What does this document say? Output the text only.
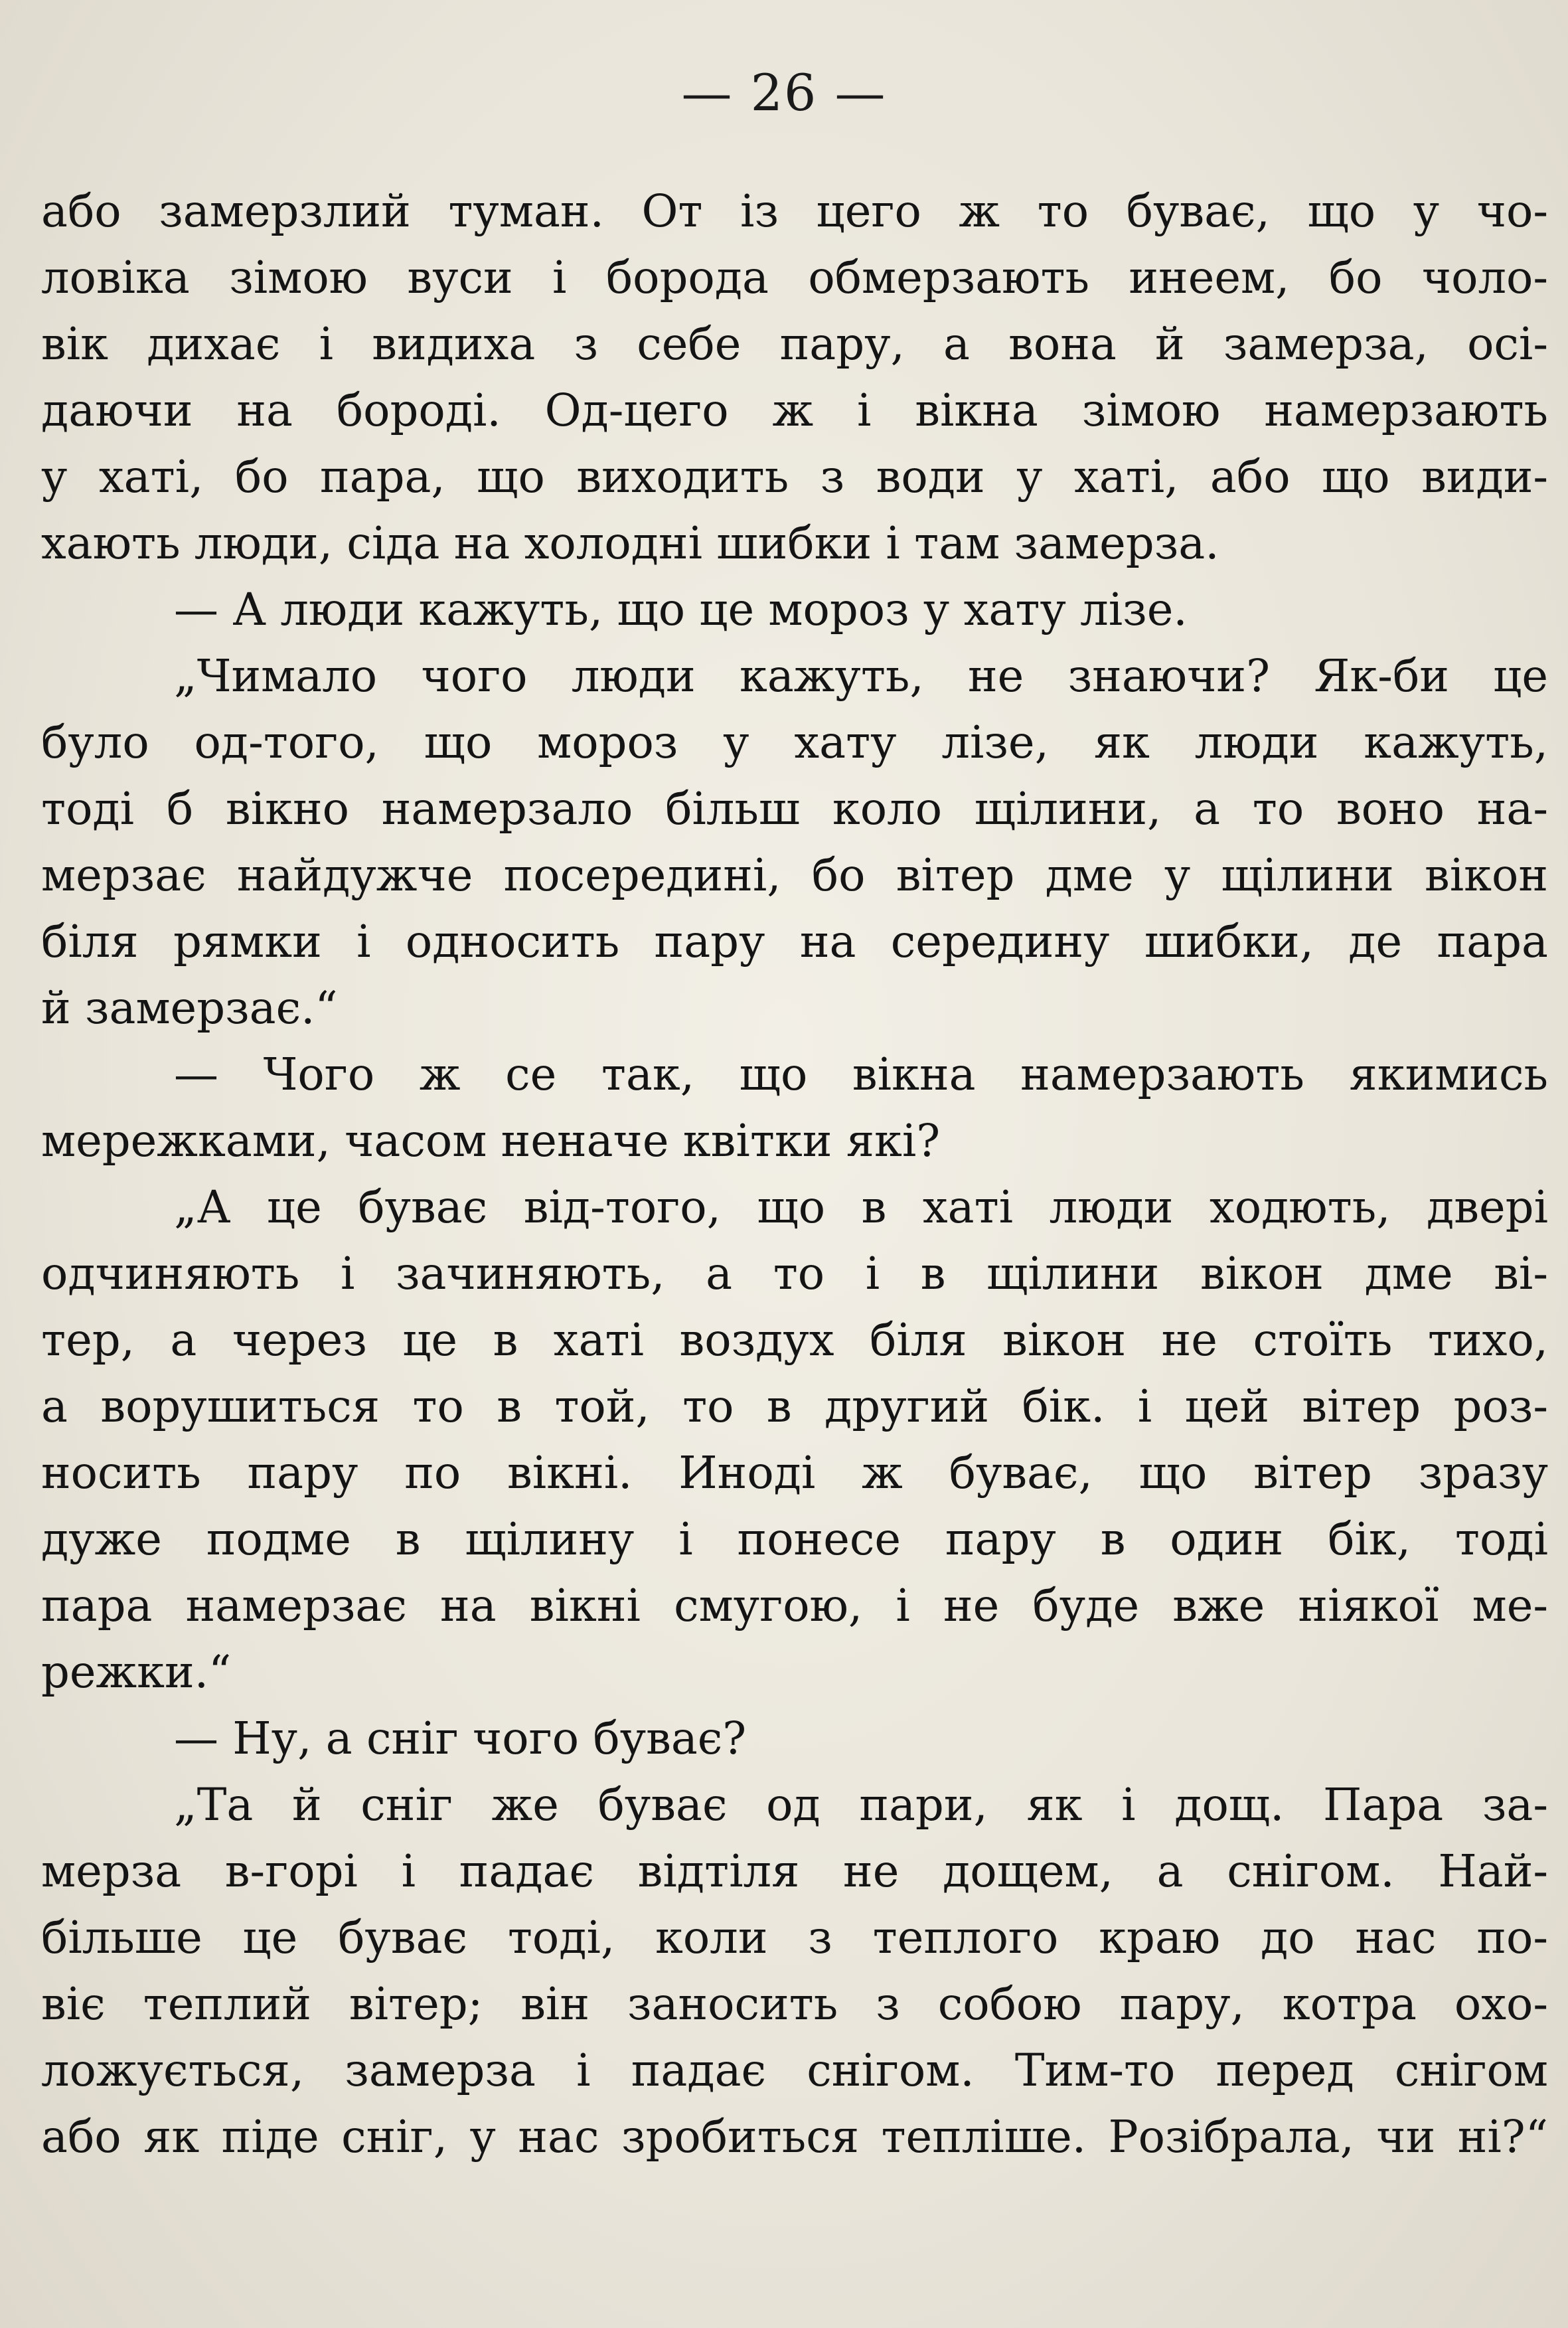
— 26 —
або замерзлий туман. От із цего ж то буває, що у чо-
ловіка зімою вуси і борода обмерзають инеем, бо чоло-
вік дихає і видиха з себе пару, а вона й замерза, осі-
даючи на бороді. Од-цего ж і вікна зімою намерзають
у хаті, бо пара, що виходить з води у хаті, або що види-
хають люди, сіда на холодні шибки і там замерза.
— А люди кажуть, що це мороз у хату лізе.
„Чимало чого люди кажуть, не знаючи? Як-би це
було од-того, що мороз у хату лізе, як люди кажуть,
тоді б вікно намерзало більш коло щілини, а то воно на-
мерзає найдужче посередині, бо вітер дме у щілини вікон
біля рямки і односить пару на середину шибки, де пара
й замерзає.“
— Чого ж се так, що вікна намерзають якимись
мережками, часом неначе квітки які?
„А це буває від-того, що в хаті люди ходють, двері
одчиняють і зачиняють, а то і в щілини вікон дме ві-
тер, а через це в хаті воздух біля вікон не стоїть тихо,
а ворушиться то в той, то в другий бік. і цей вітер роз-
носить пару по вікні. Иноді ж буває, що вітер зразу
дуже подме в щілину і понесе пару в один бік, тоді
пара намерзає на вікні смугою, і не буде вже ніякої ме-
режки.“
— Ну, а сніг чого буває?
„Та й сніг же буває од пари, як і дощ. Пара за-
мерза в-горі і падає відтіля не дощем, а снігом. Най-
більше це буває тоді, коли з теплого краю до нас по-
віє теплий вітер; він заносить з собою пару, котра охо-
ложується, замерза і падає снігом. Тим-то перед снігом
або як піде сніг, у нас зробиться тепліше. Розібрала, чи ні?“
